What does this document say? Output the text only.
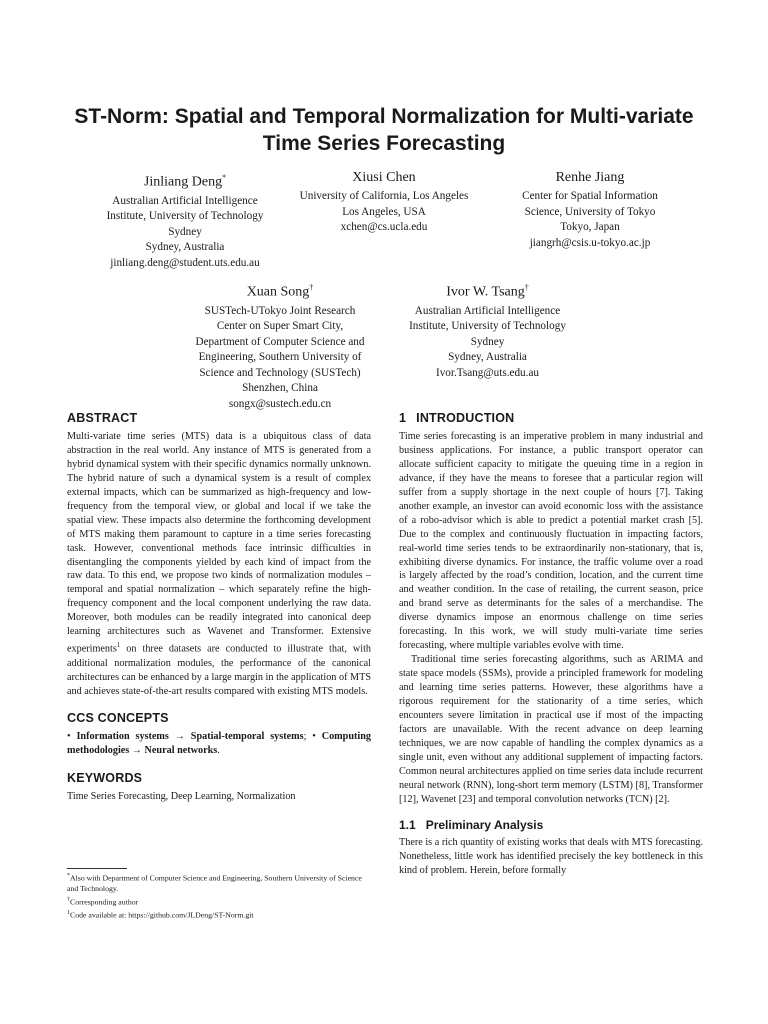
ST-Norm: Spatial and Temporal Normalization for Multi-variate
Time Series Forecasting
Jinliang Deng*
Australian Artificial Intelligence
Institute, University of Technology
Sydney
Sydney, Australia
jinliang.deng@student.uts.edu.au
Xiusi Chen
University of California, Los Angeles
Los Angeles, USA
xchen@cs.ucla.edu
Renhe Jiang
Center for Spatial Information
Science, University of Tokyo
Tokyo, Japan
jiangrh@csis.u-tokyo.ac.jp
Xuan Song†
SUSTech-UTokyo Joint Research
Center on Super Smart City,
Department of Computer Science and
Engineering, Southern University of
Science and Technology (SUSTech)
Shenzhen, China
songx@sustech.edu.cn
Ivor W. Tsang†
Australian Artificial Intelligence
Institute, University of Technology
Sydney
Sydney, Australia
Ivor.Tsang@uts.edu.au
ABSTRACT

Multi-variate time series (MTS) data is a ubiquitous class of data abstraction in the real world. Any instance of MTS is generated from a hybrid dynamical system with their specific dynamics normally unknown. The hybrid nature of such a dynamical system is a result of complex external impacts, which can be summarized as high-frequency and low-frequency from the temporal view, or global and local if we take the spatial view. These impacts also determine the forthcoming development of MTS making them paramount to capture in a time series forecasting task. However, conventional methods face intrinsic difficulties in disentangling the components yielded by each kind of impact from the raw data. To this end, we propose two kinds of normalization modules – temporal and spatial normalization – which separately refine the high-frequency component and the local component underlying the raw data. Moreover, both modules can be readily integrated into canonical deep learning architectures such as Wavenet and Transformer. Extensive experiments$^1$ on three datasets are conducted to illustrate that, with additional normalization modules, the performance of the canonical architectures can be enhanced by a large margin in the application of MTS and achieves state-of-the-art results compared with existing MTS models.

CCS CONCEPTS

• Information systems → Spatial-temporal systems; • Computing methodologies → Neural networks.

KEYWORDS

Time Series Forecasting, Deep Learning, Normalization

*Also with Department of Computer Science and Engineering, Southern University of Science and Technology.
†Corresponding author
$^1$Code available at: https://github.com/JLDeng/ST-Norm.git
1 INTRODUCTION

Time series forecasting is an imperative problem in many industrial and business applications. For instance, a public transport operator can allocate sufficient capacity to mitigate the queuing time in a region in advance, if they have the means to foresee that a particular region will suffer from a supply shortage in the next couple of hours [7]. Taking another example, an investor can avoid economic loss with the assistance of a robo-advisor which is able to predict a potential market crash [5]. Due to the complex and continuously fluctuation in impacting factors, real-world time series tends to be extraordinarily non-stationary, that is, exhibiting diverse dynamics. For instance, the traffic volume over a road is largely affected by the road’s condition, location, and the current time and weather condition. In the case of retailing, the current season, price and brand serve as determinants for the sales of a merchandise. The diverse dynamics impose an enormous challenge on time series forecasting. In this work, we will study multi-variate time series forecasting, where multiple variables evolve with time.

Traditional time series forecasting algorithms, such as ARIMA and state space models (SSMs), provide a principled framework for modeling and learning time series patterns. However, these algorithms have a rigorous requirement for the stationarity of a time series, which encounters severe limitation in practical use if most of the impacting factors are unavailable. With the recent advance on deep learning techniques, we are now capable of handling the complex dynamics as a single unit, even without any additional supplement of impacting factors. Common neural architectures applied on time series data include recurrent neural network (RNN), long-short term memory (LSTM) [8], Transformer [12], Wavenet [23] and temporal convolution networks (TCN) [2].

1.1 Preliminary Analysis

There is a rich quantity of existing works that deals with MTS forecasting. Nonetheless, little work has identified precisely the key bottleneck in this kind of problem. Herein, before formally
